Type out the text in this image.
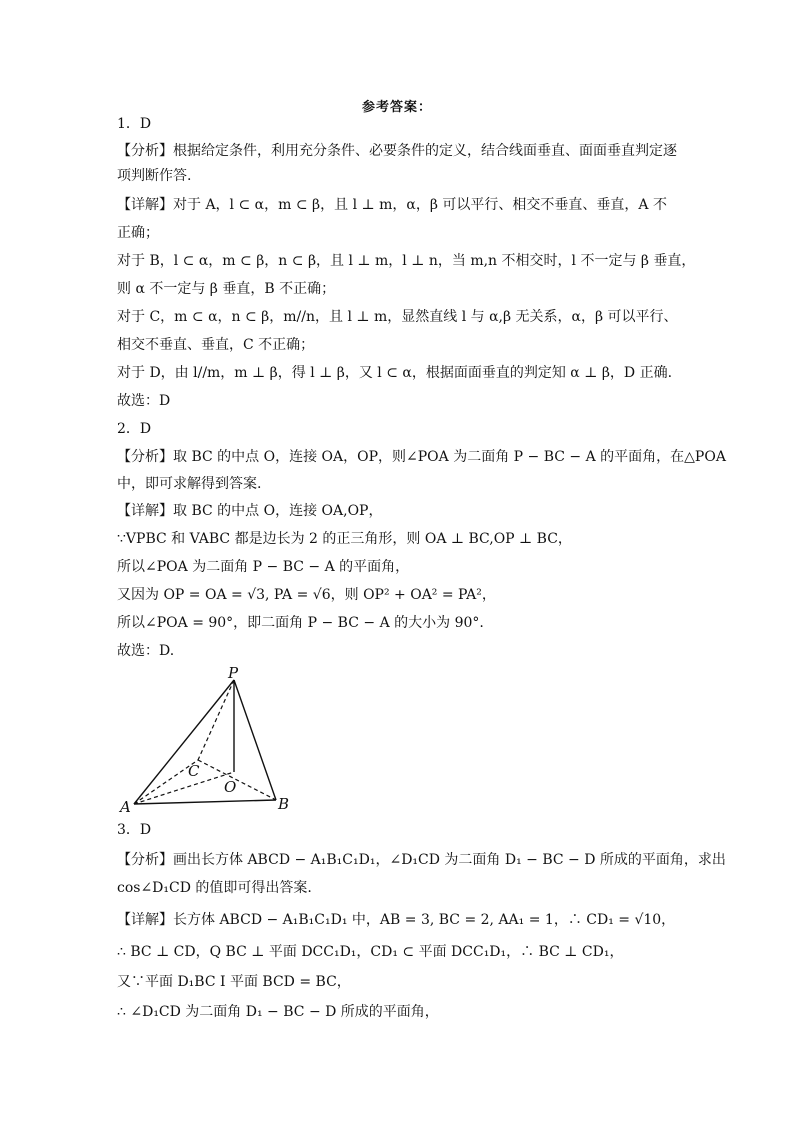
参考答案：
1．D
【分析】根据给定条件，利用充分条件、必要条件的定义，结合线面垂直、面面垂直判定逐
项判断作答.
【详解】对于 A，l ⊂ α，m ⊂ β，且 l ⊥ m，α，β 可以平行、相交不垂直、垂直，A 不
正确；
对于 B，l ⊂ α，m ⊂ β，n ⊂ β，且 l ⊥ m，l ⊥ n，当 m,n 不相交时，l 不一定与 β 垂直，
则 α 不一定与 β 垂直，B 不正确；
对于 C，m ⊂ α，n ⊂ β，m//n，且 l ⊥ m，显然直线 l 与 α,β 无关系，α，β 可以平行、
相交不垂直、垂直，C 不正确；
对于 D，由 l//m，m ⊥ β，得 l ⊥ β，又 l ⊂ α，根据面面垂直的判定知 α ⊥ β，D 正确.
故选：D
2．D
【分析】取 BC 的中点 O，连接 OA，OP，则∠POA 为二面角 P − BC − A 的平面角，在△POA
中，即可求解得到答案.
【详解】取 BC 的中点 O，连接 OA,OP，
∵VPBC 和 VABC 都是边长为 2 的正三角形，则 OA ⊥ BC,OP ⊥ BC，
所以∠POA 为二面角 P − BC − A 的平面角，
又因为 OP = OA = √3, PA = √6，则 OP² + OA² = PA²，
所以∠POA = 90°，即二面角 P − BC − A 的大小为 90°.
故选：D.
P
C
O
A	B
3．D
【分析】画出长方体 ABCD − A₁B₁C₁D₁，∠D₁CD 为二面角 D₁ − BC − D 所成的平面角，求出
cos∠D₁CD 的值即可得出答案.
【详解】长方体 ABCD − A₁B₁C₁D₁ 中，AB = 3, BC = 2, AA₁ = 1，∴ CD₁ = √10，
∴ BC ⊥ CD，Q BC ⊥ 平面 DCC₁D₁，CD₁ ⊂ 平面 DCC₁D₁，∴ BC ⊥ CD₁，
又∵平面 D₁BC I 平面 BCD = BC，
∴ ∠D₁CD 为二面角 D₁ − BC − D 所成的平面角，
